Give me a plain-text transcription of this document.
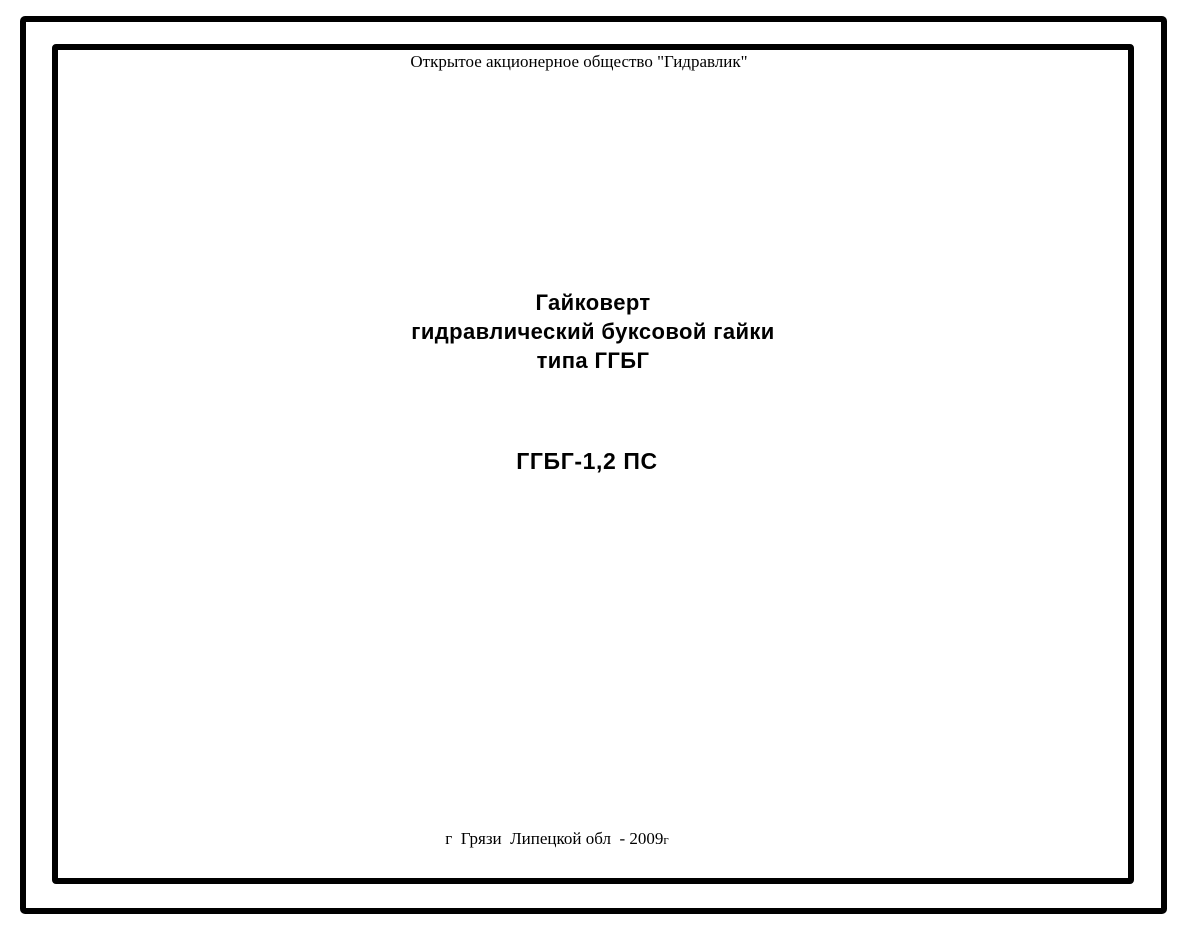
Открытое акционерное общество "Гидравлик"
Гайковерт
гидравлический буксовой гайки
типа ГГБГ
ГГБГ-1,2 ПС
г  Грязи  Липецкой обл  - 2009г
